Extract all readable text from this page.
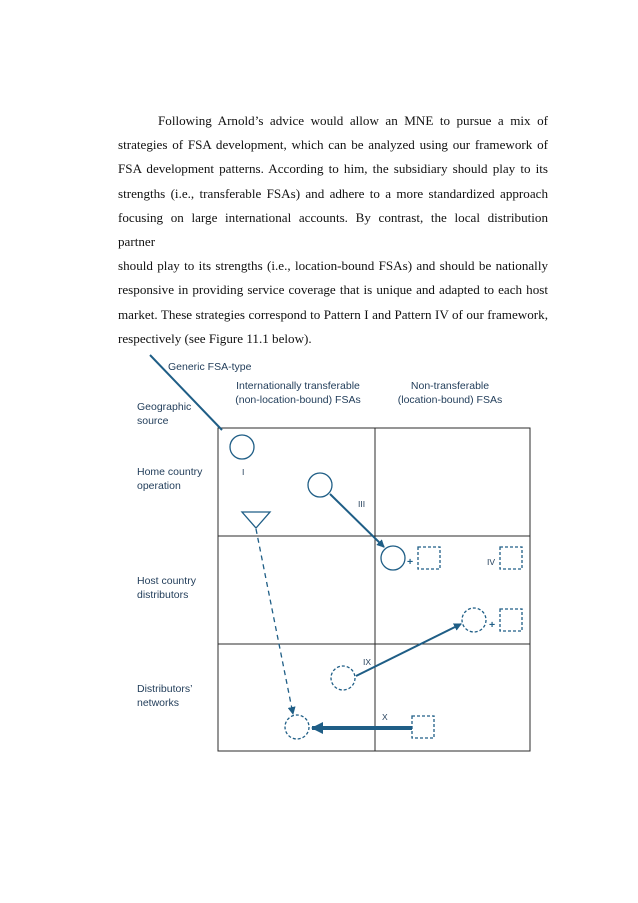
Following Arnold’s advice would allow an MNE to pursue a mix of
strategies of FSA development, which can be analyzed using our framework of
FSA development patterns. According to him, the subsidiary should play to its
strengths (i.e., transferable FSAs) and adhere to a more standardized approach
focusing on large international accounts. By contrast, the local distribution partner
should play to its strengths (i.e., location-bound FSAs) and should be nationally
responsive in providing service coverage that is unique and adapted to each host
market. These strategies correspond to Pattern I and Pattern IV of our framework,
respectively (see Figure 11.1 below).

Generic FSA-type
Internationally transferable
(non-location-bound) FSAs
Non-transferable
(location-bound) FSAs
Geographic
source
Home country
operation
Host country
distributors
Distributors’
networks
I
III
+	IV
IX
+
X
